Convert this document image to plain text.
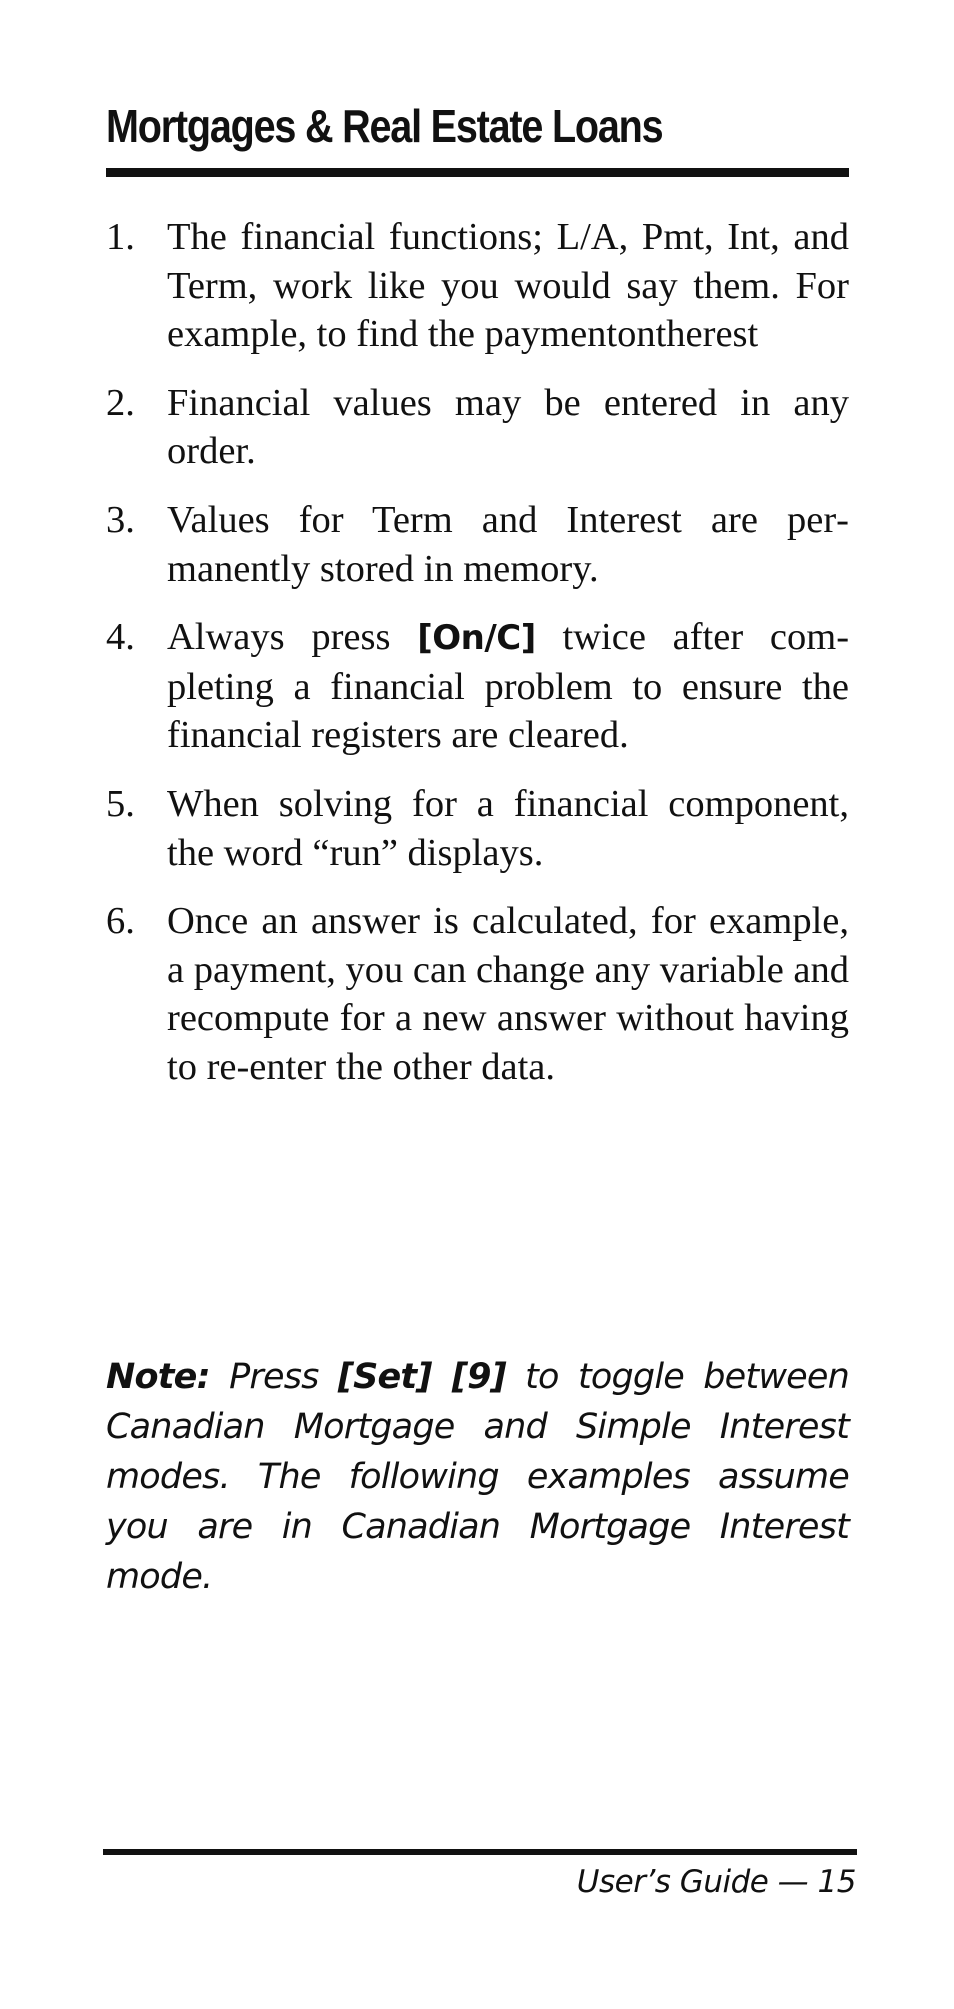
Mortgages & Real Estate Loans
1. The financial functions; L/A, Pmt, Int, and Term, work like you would say them. For example, to find the paymentontherest
2. Financial values may be entered in any order.
3. Values for Term and Interest are permanently stored in memory.
4. Always press [On/C] twice after completing a financial problem to ensure the financial registers are cleared.
5. When solving for a financial component, the word “run” displays.
6. Once an answer is calculated, for example, a payment, you can change any variable and recompute for a new answer without having to re-enter the other data.

Note: Press [Set] [9] to toggle between Canadian Mortgage and Simple Interest modes. The following examples assume you are in Canadian Mortgage Interest mode.

User’s Guide — 15
